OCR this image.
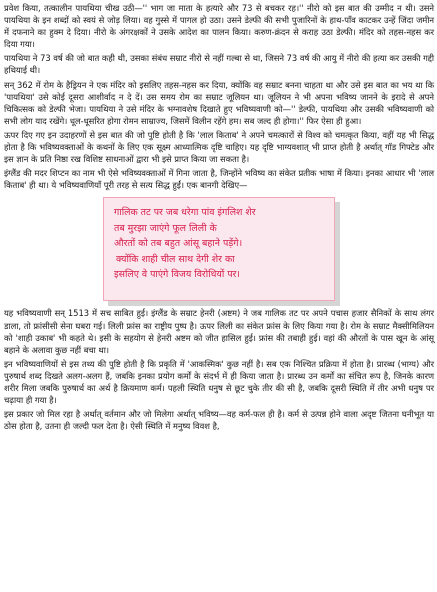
प्रवेश किया, तत्कालीन पायथिया चीख उठी—'' भाग जा माता के हत्यारे और 73 से बचकर रह।'' नीरो को इस बात की उम्मीद न थी। उसने पायथिया के इन शब्दों को स्वयं से जोड़ लिया। वह गुस्से में पागल हो उठा। उसने डेल्फी की सभी पुजारिनों के हाथ-पाँव काटकर उन्हें जिंदा जमीन में दफनाने का हुक्म दे दिया। नीरो के अंगरक्षकों ने उसके आदेश का पालन किया। करुण-क्रंदन से कराह उठा डेल्फी। मंदिर को तहस-नहस कर दिया गया।

पायथिया ने 73 वर्ष की जो बात कही थी, उसका संबंध सम्राट नीरो से नहीं गल्बा से था, जिसने 73 वर्ष की आयु में नीरो की हत्या कर उसकी गद्दी हथियाई थी।

सन् 362 में रोम के हैड्रियन ने एक मंदिर को इसलिए तहस-नहस कर दिया, क्योंकि वह सम्राट बनना चाहता था और उसे इस बात का भय था कि 'पायथिया' उसे कोई दूसरा आशीर्वाद न दे दें। उस समय रोम का सम्राट जूलियन था। जूलियन ने भी अपना भविष्य जानने के इरादे से अपने चिकित्सक को डेल्फी भेजा। पायथिया ने उसे मंदिर के भग्नावशेष दिखाते हुए भविष्यवाणी को—'' डेल्फी, पायथिया और उसकी भविष्यवाणी को सभी लोग याद रखेंगे। धूल-धूसरित होगा रोमन साम्राज्य, जिसमें विलीन रहेंगे हम। सब जल्द ही होगा।'' फिर ऐसा ही हुआ।

ऊपर दिए गए इन उदाहरणों से इस बात की जो पुष्टि होती है कि 'लाल किताब' ने अपने चमत्कारों से विश्व को चमत्कृत किया, वहीं यह भी सिद्ध होता है कि भविष्यवक्ताओं के कथनों के लिए एक सूक्ष्म आध्यात्मिक दृष्टि चाहिए। यह दृष्टि भाग्यवशात् भी प्राप्त होती है अर्थात् गॉड गिफ्टेड और इस ज्ञान के प्रति निष्ठा रख विशिष्ट साधनाओं द्वारा भी इसे प्राप्त किया जा सकता है।

इंग्लैंड की मदर शिप्टन का नाम भी ऐसे भविष्यवक्ताओं में गिना जाता है, जिन्होंने भविष्य का संकेत प्रतीक भाषा में किया। इनका आधार भी 'लाल किताब' ही था। ये भविष्यवाणियाँ पूरी तरह से सत्य सिद्ध हुईं। एक बानगी देखिए—

गालिक तट पर जब धरेगा पांव इंगलिश शेर
तब मुरझा जाएंगे फूल लिली के
औरतों को तब बहुत आंसू बहाने पड़ेंगे।
क्योंकि शाही चील साथ देगी शेर का
इसलिए वे पाएंगे विजय विरोधियों पर।

यह भविष्यवाणी सन् 1513 में सच साबित हुई। इंग्लैंड के सम्राट हेनरी (अष्टम) ने जब गालिक तट पर अपने पचास हजार सैनिकों के साथ लंगर डाला, तो फ्रांसीसी सेना घबरा गई। लिली फ्रांस का राष्ट्रीय पुष्प है। ऊपर लिली का संकेत फ्रांस के लिए किया गया है। रोम के सम्राट मैक्सीमिलियन को 'शाही उकाब' भी कहते थे। इसी के सहयोग से हेनरी अष्टम को जीत हासिल हुई। फ्रांस की तबाही हुई। वहां की औरतों के पास खून के आंसू बहाने के अलावा कुछ नहीं बचा था।

इन भविष्यवाणियों से इस तथ्य की पुष्टि होती है कि प्रकृति में 'आकस्मिक' कुछ नहीं है। सब एक निश्चित प्रक्रिया में होता है। प्रारब्ध (भाग्य) और पुरुषार्थ शब्द दिखते अलग-अलग हैं, जबकि इनका प्रयोग कर्मों के संदर्भ में ही किया जाता है। प्रारब्ध उन कर्मों का संचित रूप है, जिनके कारण शरीर मिला जबकि पुरुषार्थ का अर्थ है क्रियमाण कर्म। पहली स्थिति धनुष से छूट चुके तीर की सी है, जबकि दूसरी स्थिति में तीर अभी धनुष पर चढ़ाया ही गया है।

इस प्रकार जो मिल रहा है अर्थात् वर्तमान और जो मिलेगा अर्थात् भविष्य—वह कर्म-फल ही है। कर्म से उत्पन्न होने वाला अदृष्ट जितना घनीभूत या ठोस होता है, उतना ही जल्दी फल देता है। ऐसी स्थिति में मनुष्य विवश है,
